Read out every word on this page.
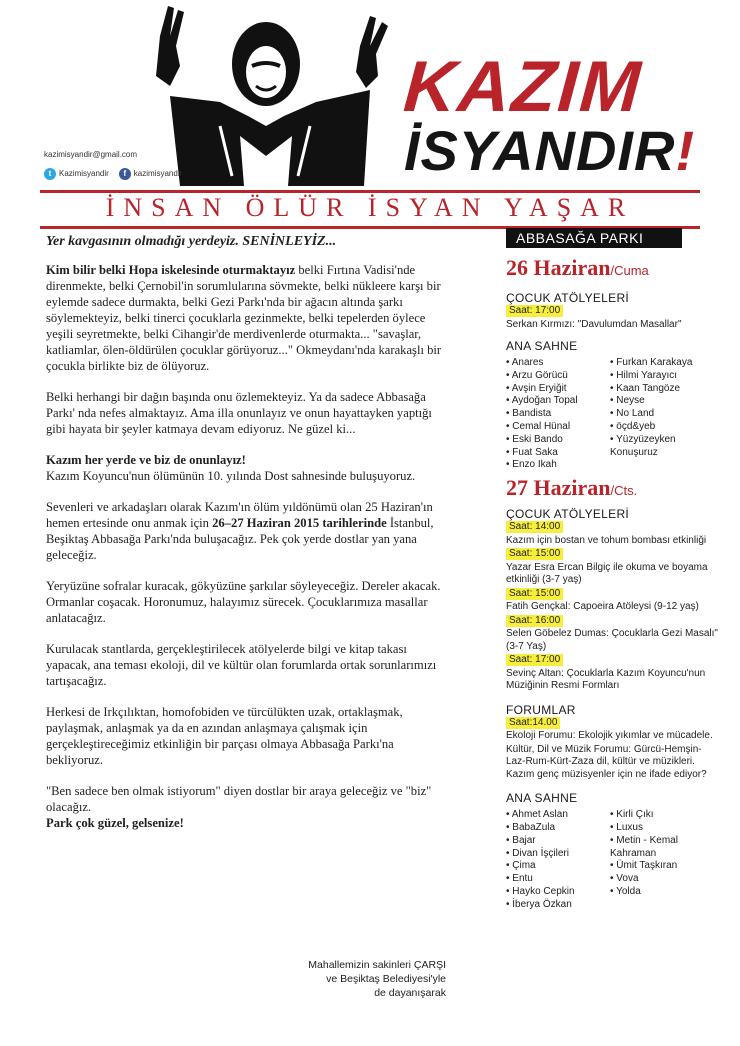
KAZIM
İSYANDIR!
kazimisyandir@gmail.com
t Kazimisyandir	f kazimisyandir
İNSAN ÖLÜR İSYAN YAŞAR
Yer kavgasının olmadığı yerdeyiz. SENİNLEYİZ...

Kim bilir belki Hopa iskelesinde oturmaktayız belki Fırtına Vadisi'nde direnmekte, belki Çernobil'in sorumlularına sövmekte, belki nükleere karşı bir eylemde sadece durmakta, belki Gezi Parkı'nda bir ağacın altında şarkı söylemekteyiz, belki tinerci çocuklarla gezinmekte, belki tepelerden öylece yeşili seyretmekte, belki Cihangir'de merdivenlerde oturmakta... "savaşlar, katliamlar, ölen-öldürülen çocuklar görüyoruz..." Okmeydanı'nda karakaşlı bir çocukla birlikte biz de ölüyoruz.

Belki herhangi bir dağın başında onu özlemekteyiz. Ya da sadece Abbasağa Parkı' nda nefes almaktayız. Ama illa onunlayız ve onun hayattayken yaptığı gibi hayata bir şeyler katmaya devam ediyoruz. Ne güzel ki...

Kazım her yerde ve biz de onunlayız!
Kazım Koyuncu'nun ölümünün 10. yılında Dost sahnesinde buluşuyoruz.

Sevenleri ve arkadaşları olarak Kazım'ın ölüm yıldönümü olan 25 Haziran'ın hemen ertesinde onu anmak için 26–27 Haziran 2015 tarihlerinde İstanbul, Beşiktaş Abbasağa Parkı'nda buluşacağız. Pek çok yerde dostlar yan yana geleceğiz.

Yeryüzüne sofralar kuracak, gökyüzüne şarkılar söyleyeceğiz. Dereler akacak. Ormanlar coşacak. Horonumuz, halayımız sürecek. Çocuklarımıza masallar anlatacağız.

Kurulacak stantlarda, gerçekleştirilecek atölyelerde bilgi ve kitap takası yapacak, ana teması ekoloji, dil ve kültür olan forumlarda ortak sorunlarımızı tartışacağız.

Herkesi de Irkçılıktan, homofobiden ve türcülükten uzak, ortaklaşmak, paylaşmak, anlaşmak ya da en azından anlaşmaya çalışmak için gerçekleştireceğimiz etkinliğin bir parçası olmaya Abbasağa Parkı'na bekliyoruz.

"Ben sadece ben olmak istiyorum" diyen dostlar bir araya geleceğiz ve "biz" olacağız.
Park çok güzel, gelsenize!

Mahallemizin sakinleri ÇARŞI
ve Beşiktaş Belediyesi'yle
de dayanışarak
ABBASAĞA PARKI
26 Haziran/Cuma
ÇOCUK ATÖLYELERİ
Saat: 17:00
Serkan Kırmızı: "Davulumdan Masallar"
ANA SAHNE
• Anares
• Arzu Görücü
• Avşin Eryiğit
• Aydoğan Topal
• Bandista
• Cemal Hünal
• Eski Bando
• Fuat Saka
• Enzo Ikah
• Furkan Karakaya
• Hilmi Yarayıcı
• Kaan Tangöze
• Neyse
• No Land
• öçd&yeb
• Yüzyüzeyken Konuşuruz
27 Haziran/Cts.
ÇOCUK ATÖLYELERİ
Saat: 14:00
Kazım için bostan ve tohum bombası etkinliği
Saat: 15:00
Yazar Esra Ercan Bilgiç ile okuma ve boyama etkinliği (3-7 yaş)
Saat: 15:00
Fatih Gençkal: Capoeira Atöleysi (9-12 yaş)
Saat: 16:00
Selen Göbelez Dumas: Çocuklarla Gezi Masalı" (3-7 Yaş)
Saat: 17:00
Sevinç Altan: Çocuklarla Kazım Koyuncu'nun Müziğinin Resmi Formları
FORUMLAR
Saat:14.00
Ekoloji Forumu: Ekolojik yıkımlar ve mücadele.
Kültür, Dil ve Müzik Forumu: Gürcü-Hemşin-Laz-Rum-Kürt-Zaza dil, kültür ve müzikleri. Kazım genç müzisyenler için ne ifade ediyor?
ANA SAHNE
• Ahmet Aslan
• BabaZula
• Bajar
• Divan İşçileri
• Çima
• Entu
• Hayko Cepkin
• İberya Özkan
• Kirli Çıkı
• Luxus
• Metin - Kemal Kahraman
• Ümit Taşkıran
• Vova
• Yolda
